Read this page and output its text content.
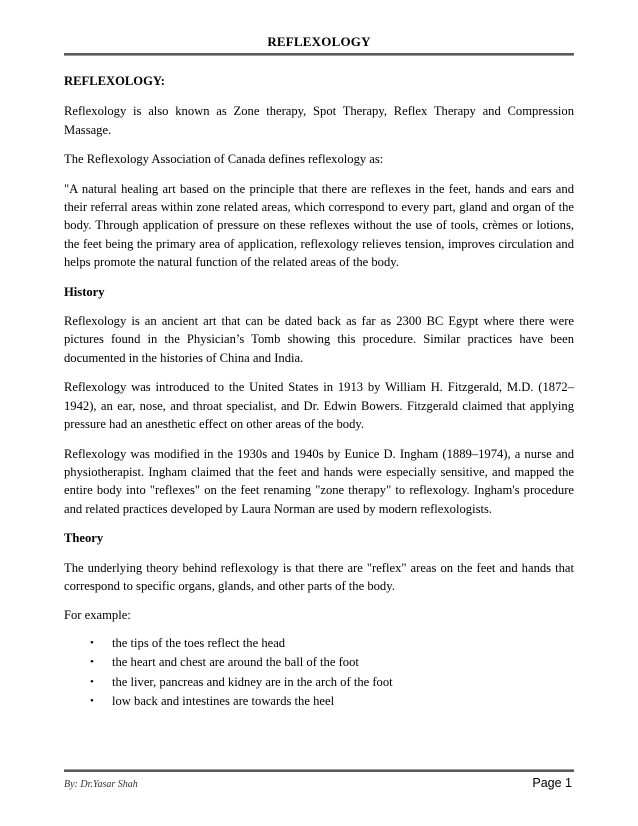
REFLEXOLOGY
REFLEXOLOGY:

Reflexology is also known as Zone therapy, Spot Therapy, Reflex Therapy and Compression Massage.

The Reflexology Association of Canada defines reflexology as:

"A natural healing art based on the principle that there are reflexes in the feet, hands and ears and their referral areas within zone related areas, which correspond to every part, gland and organ of the body. Through application of pressure on these reflexes without the use of tools, crèmes or lotions, the feet being the primary area of application, reflexology relieves tension, improves circulation and helps promote the natural function of the related areas of the body.

History

Reflexology is an ancient art that can be dated back as far as 2300 BC Egypt where there were pictures found in the Physician’s Tomb showing this procedure. Similar practices have been documented in the histories of China and India.

Reflexology was introduced to the United States in 1913 by William H. Fitzgerald, M.D. (1872–1942), an ear, nose, and throat specialist, and Dr. Edwin Bowers. Fitzgerald claimed that applying pressure had an anesthetic effect on other areas of the body.

Reflexology was modified in the 1930s and 1940s by Eunice D. Ingham (1889–1974), a nurse and physiotherapist. Ingham claimed that the feet and hands were especially sensitive, and mapped the entire body into "reflexes" on the feet renaming "zone therapy" to reflexology. Ingham's procedure and related practices developed by Laura Norman are used by modern reflexologists.

Theory

The underlying theory behind reflexology is that there are "reflex" areas on the feet and hands that correspond to specific organs, glands, and other parts of the body.

For example:

• the tips of the toes reflect the head
• the heart and chest are around the ball of the foot
• the liver, pancreas and kidney are in the arch of the foot
• low back and intestines are towards the heel
By: Dr.Yasar Shah	Page 1
